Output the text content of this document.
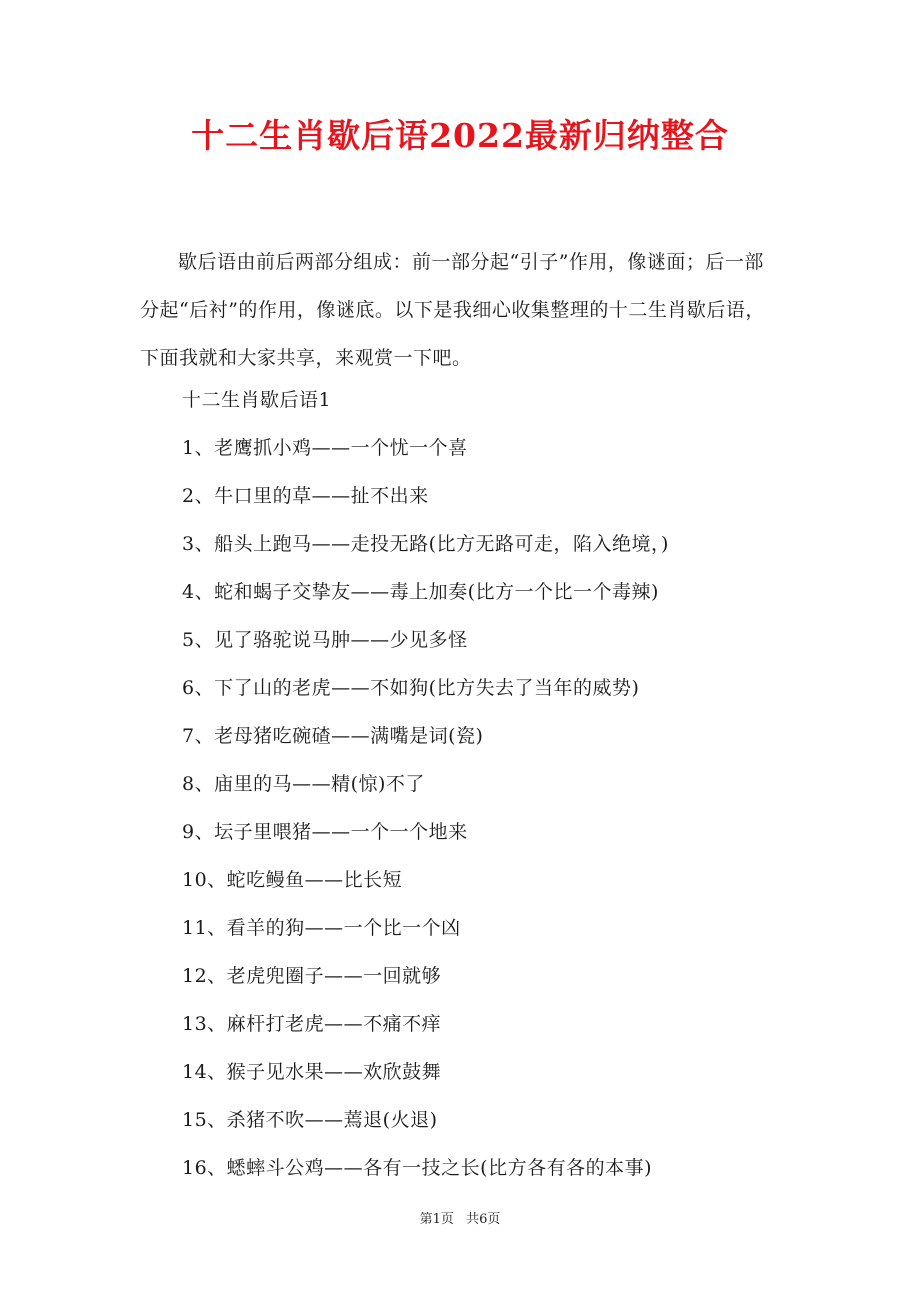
十二生肖歇后语2022最新归纳整合

歇后语由前后两部分组成：前一部分起“引子”作用，像谜面；后一部分起“后衬”的作用，像谜底。以下是我细心收集整理的十二生肖歇后语，下面我就和大家共享，来观赏一下吧。

十二生肖歇后语1
1、老鹰抓小鸡——一个忧一个喜
2、牛口里的草——扯不出来
3、船头上跑马——走投无路(比方无路可走，陷入绝境，)
4、蛇和蝎子交挚友——毒上加奏(比方一个比一个毒辣)
5、见了骆驼说马肿——少见多怪
6、下了山的老虎——不如狗(比方失去了当年的威势)
7、老母猪吃碗碴——满嘴是词(瓷)
8、庙里的马——精(惊)不了
9、坛子里喂猪——一个一个地来
10、蛇吃鳗鱼——比长短
11、看羊的狗——一个比一个凶
12、老虎兜圈子——一回就够
13、麻杆打老虎——不痛不痒
14、猴子见水果——欢欣鼓舞
15、杀猪不吹——蔫退(火退)
16、蟋蟀斗公鸡——各有一技之长(比方各有各的本事)
第1页 共6页
